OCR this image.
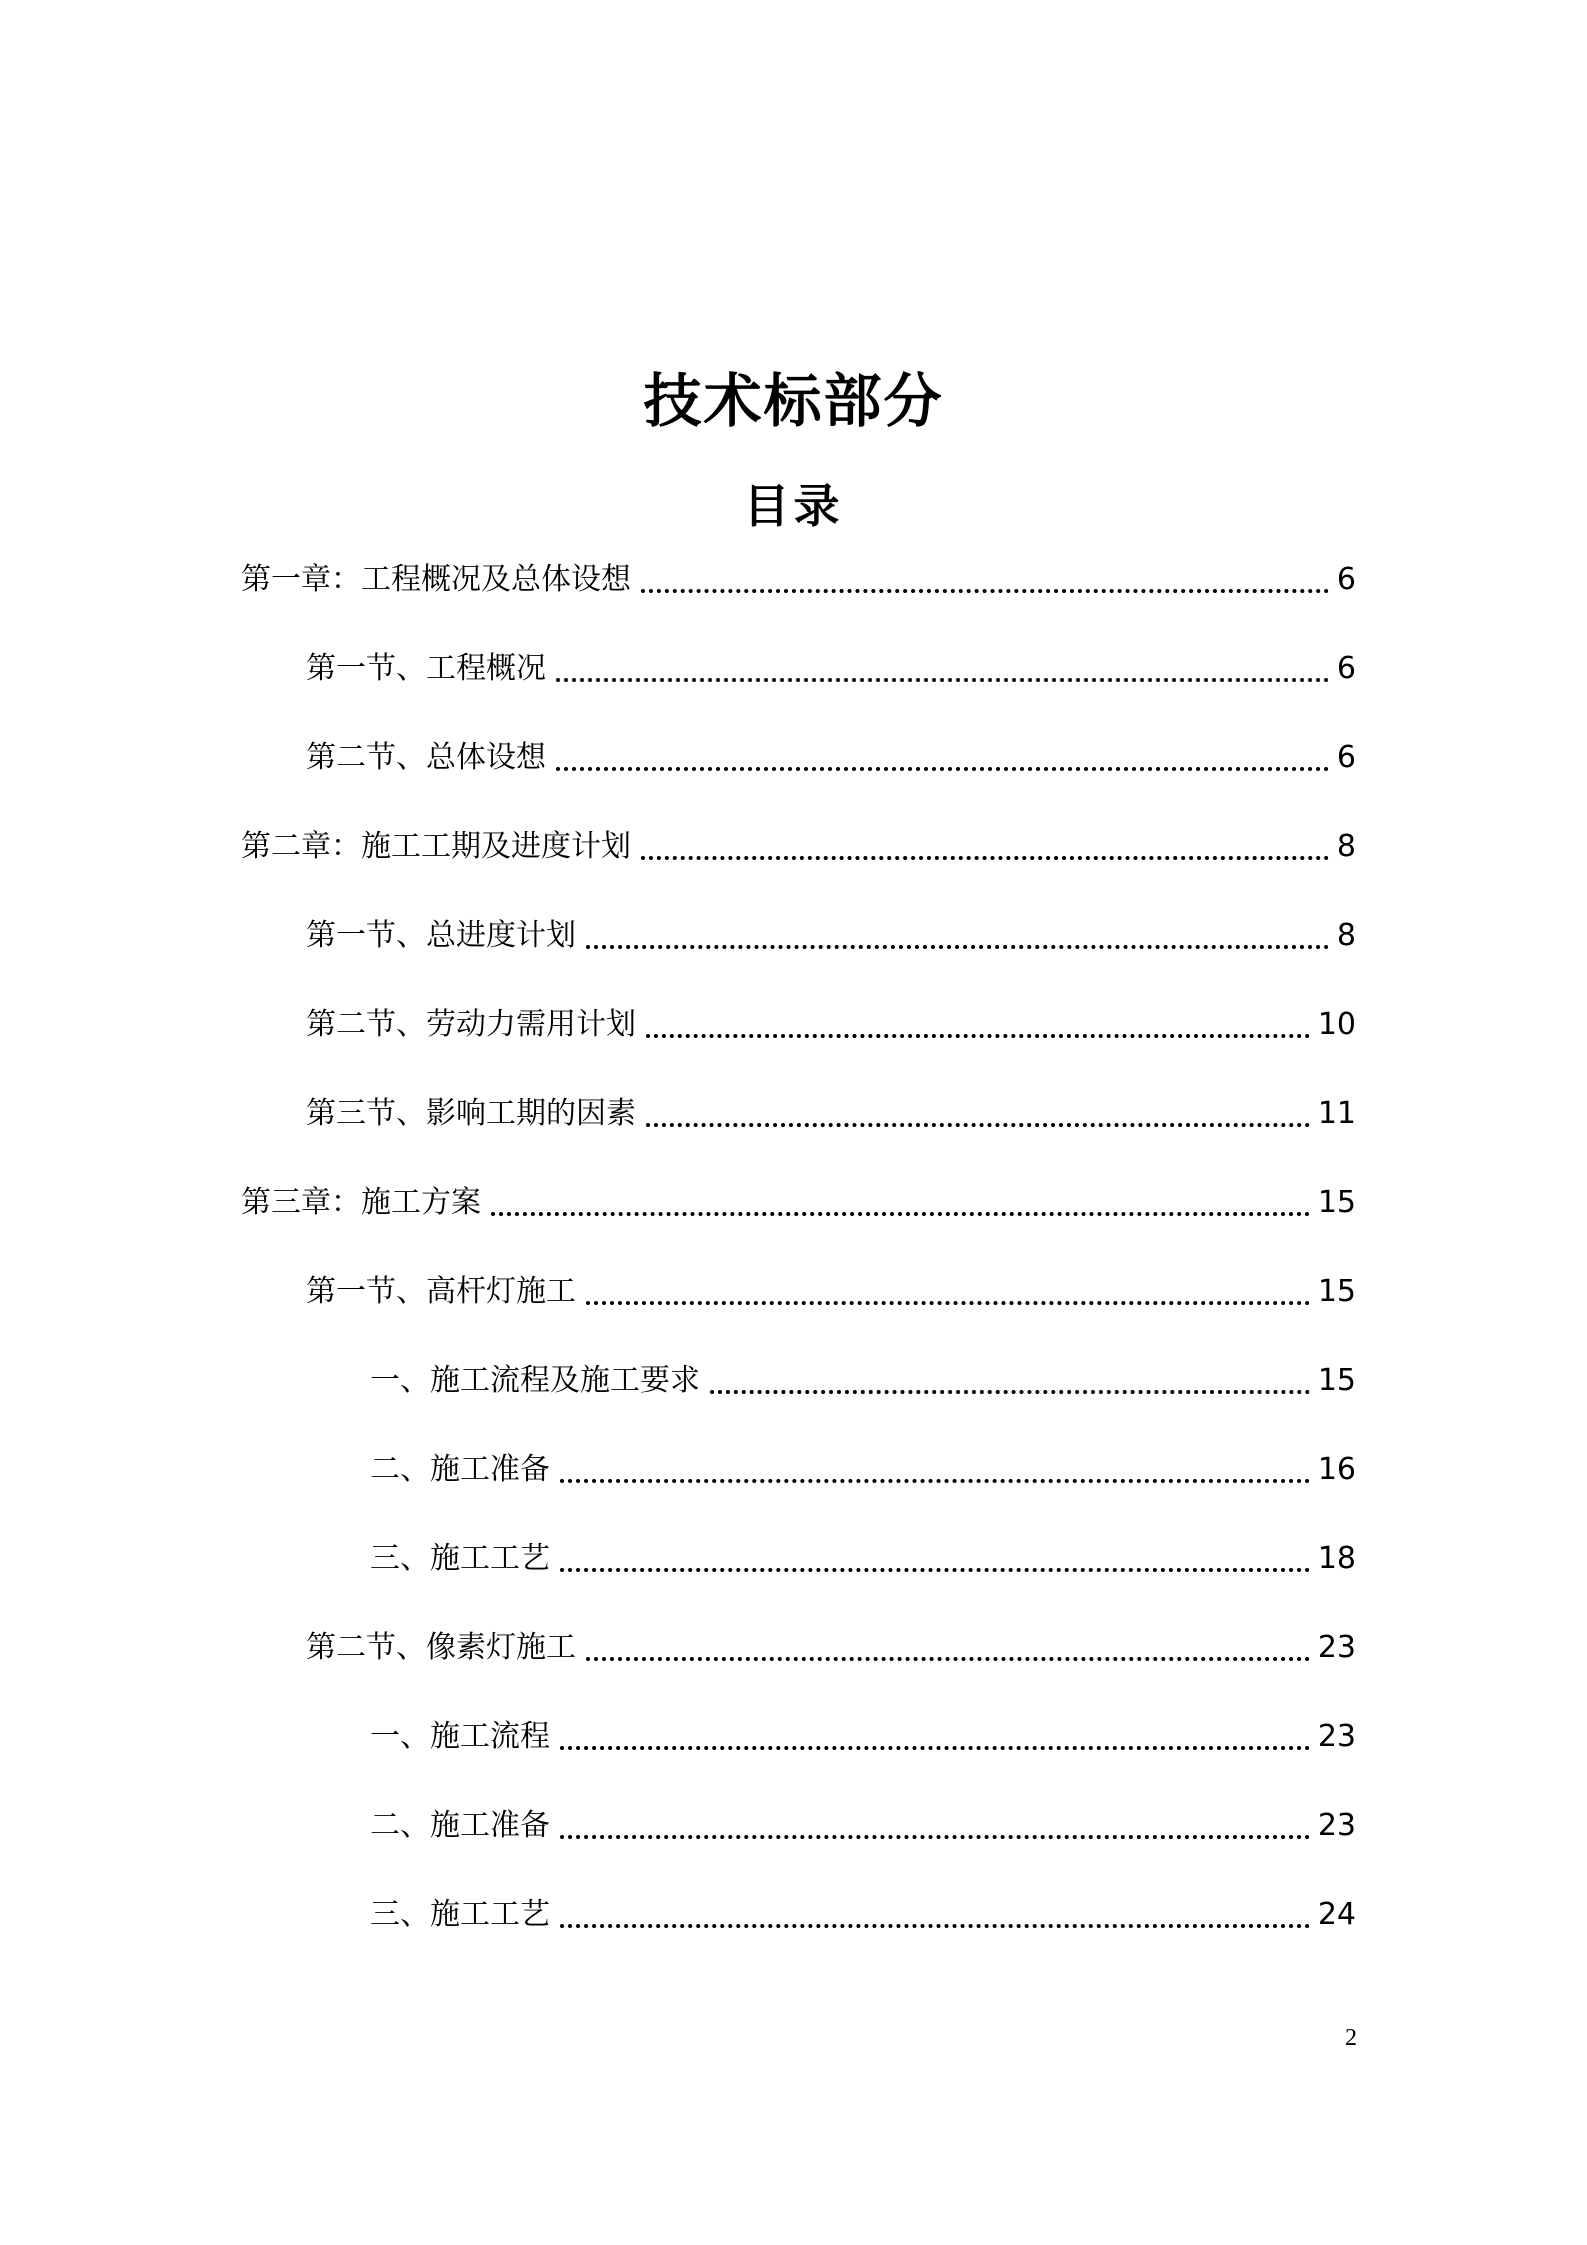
技术标部分
目录
第一章：工程概况及总体设想	6
第一节、工程概况	6
第二节、总体设想	6
第二章：施工工期及进度计划	8
第一节、总进度计划	8
第二节、劳动力需用计划	10
第三节、影响工期的因素	11
第三章：施工方案	15
第一节、高杆灯施工	15
一、施工流程及施工要求	15
二、施工准备	16
三、施工工艺	18
第二节、像素灯施工	23
一、施工流程	23
二、施工准备	23
三、施工工艺	24
2
